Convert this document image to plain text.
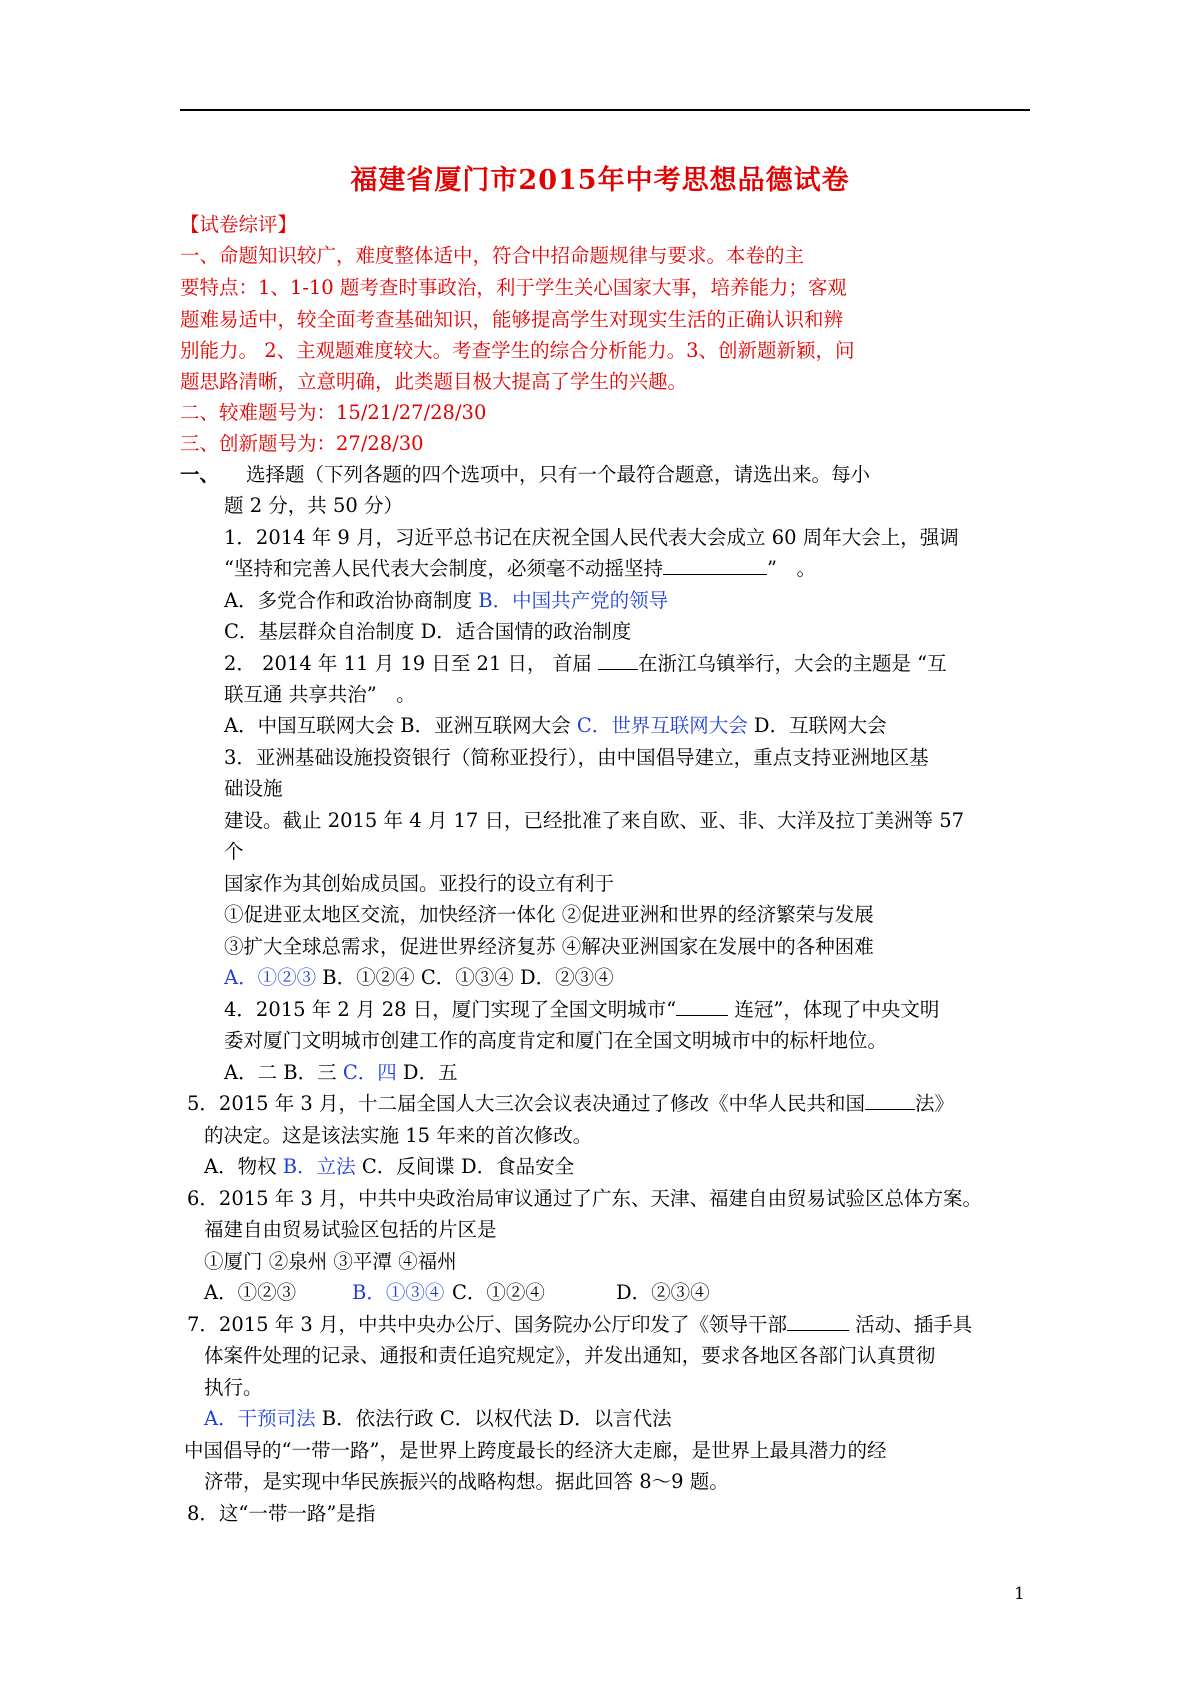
福建省厦门市2015年中考思想品德试卷
【试卷综评】
一、命题知识较广，难度整体适中，符合中招命题规律与要求。本卷的主
要特点：1、1-10 题考查时事政治，利于学生关心国家大事，培养能力；客观
题难易适中，较全面考查基础知识，能够提高学生对现实生活的正确认识和辨
别能力。 2、主观题难度较大。考查学生的综合分析能力。3、创新题新颖，问
题思路清晰，立意明确，此类题目极大提高了学生的兴趣。
二、较难题号为：15/21/27/28/30
三、创新题号为：27/28/30
一、 选择题（下列各题的四个选项中，只有一个最符合题意，请选出来。每小
题 2 分，共 50 分）
1．2014 年 9 月，习近平总书记在庆祝全国人民代表大会成立 60 周年大会上，强调
“坚持和完善人民代表大会制度，必须毫不动摇坚持	”　。
A．多党合作和政治协商制度 B．中国共产党的领导
C．基层群众自治制度 D．适合国情的政治制度
2． 2014 年 11 月 19 日至 21 日， 首届 在浙江乌镇举行，大会的主题是 “互
联互通 共享共治”　。
A．中国互联网大会 B．亚洲互联网大会 C．世界互联网大会 D．互联网大会
3．亚洲基础设施投资银行（简称亚投行），由中国倡导建立，重点支持亚洲地区基
础设施
建设。截止 2015 年 4 月 17 日，已经批准了来自欧、亚、非、大洋及拉丁美洲等 57
个
国家作为其创始成员国。亚投行的设立有利于
①促进亚太地区交流，加快经济一体化 ②促进亚洲和世界的经济繁荣与发展
③扩大全球总需求，促进世界经济复苏 ④解决亚洲国家在发展中的各种困难
A．①②③ B．①②④ C．①③④ D．②③④
4．2015 年 2 月 28 日，厦门实现了全国文明城市“	连冠”，体现了中央文明
委对厦门文明城市创建工作的高度肯定和厦门在全国文明城市中的标杆地位。
A．二 B．三 C．四 D．五
5．2015 年 3 月，十二届全国人大三次会议表决通过了修改《中华人民共和国	法》
的决定。这是该法实施 15 年来的首次修改。
A．物权 B．立法 C．反间谍 D．食品安全
6．2015 年 3 月，中共中央政治局审议通过了广东、天津、福建自由贸易试验区总体方案。
福建自由贸易试验区包括的片区是
①厦门 ②泉州 ③平潭 ④福州
A．①②③	B．①③④ C．①②④	D．②③④
7．2015 年 3 月，中共中央办公厅、国务院办公厅印发了《领导干部	活动、插手具
体案件处理的记录、通报和责任追究规定》，并发出通知，要求各地区各部门认真贯彻
执行。
A．干预司法 B．依法行政 C．以权代法 D．以言代法
中国倡导的“一带一路”，是世界上跨度最长的经济大走廊，是世界上最具潜力的经
济带，是实现中华民族振兴的战略构想。据此回答 8～9 题。
8．这“一带一路”是指
1
